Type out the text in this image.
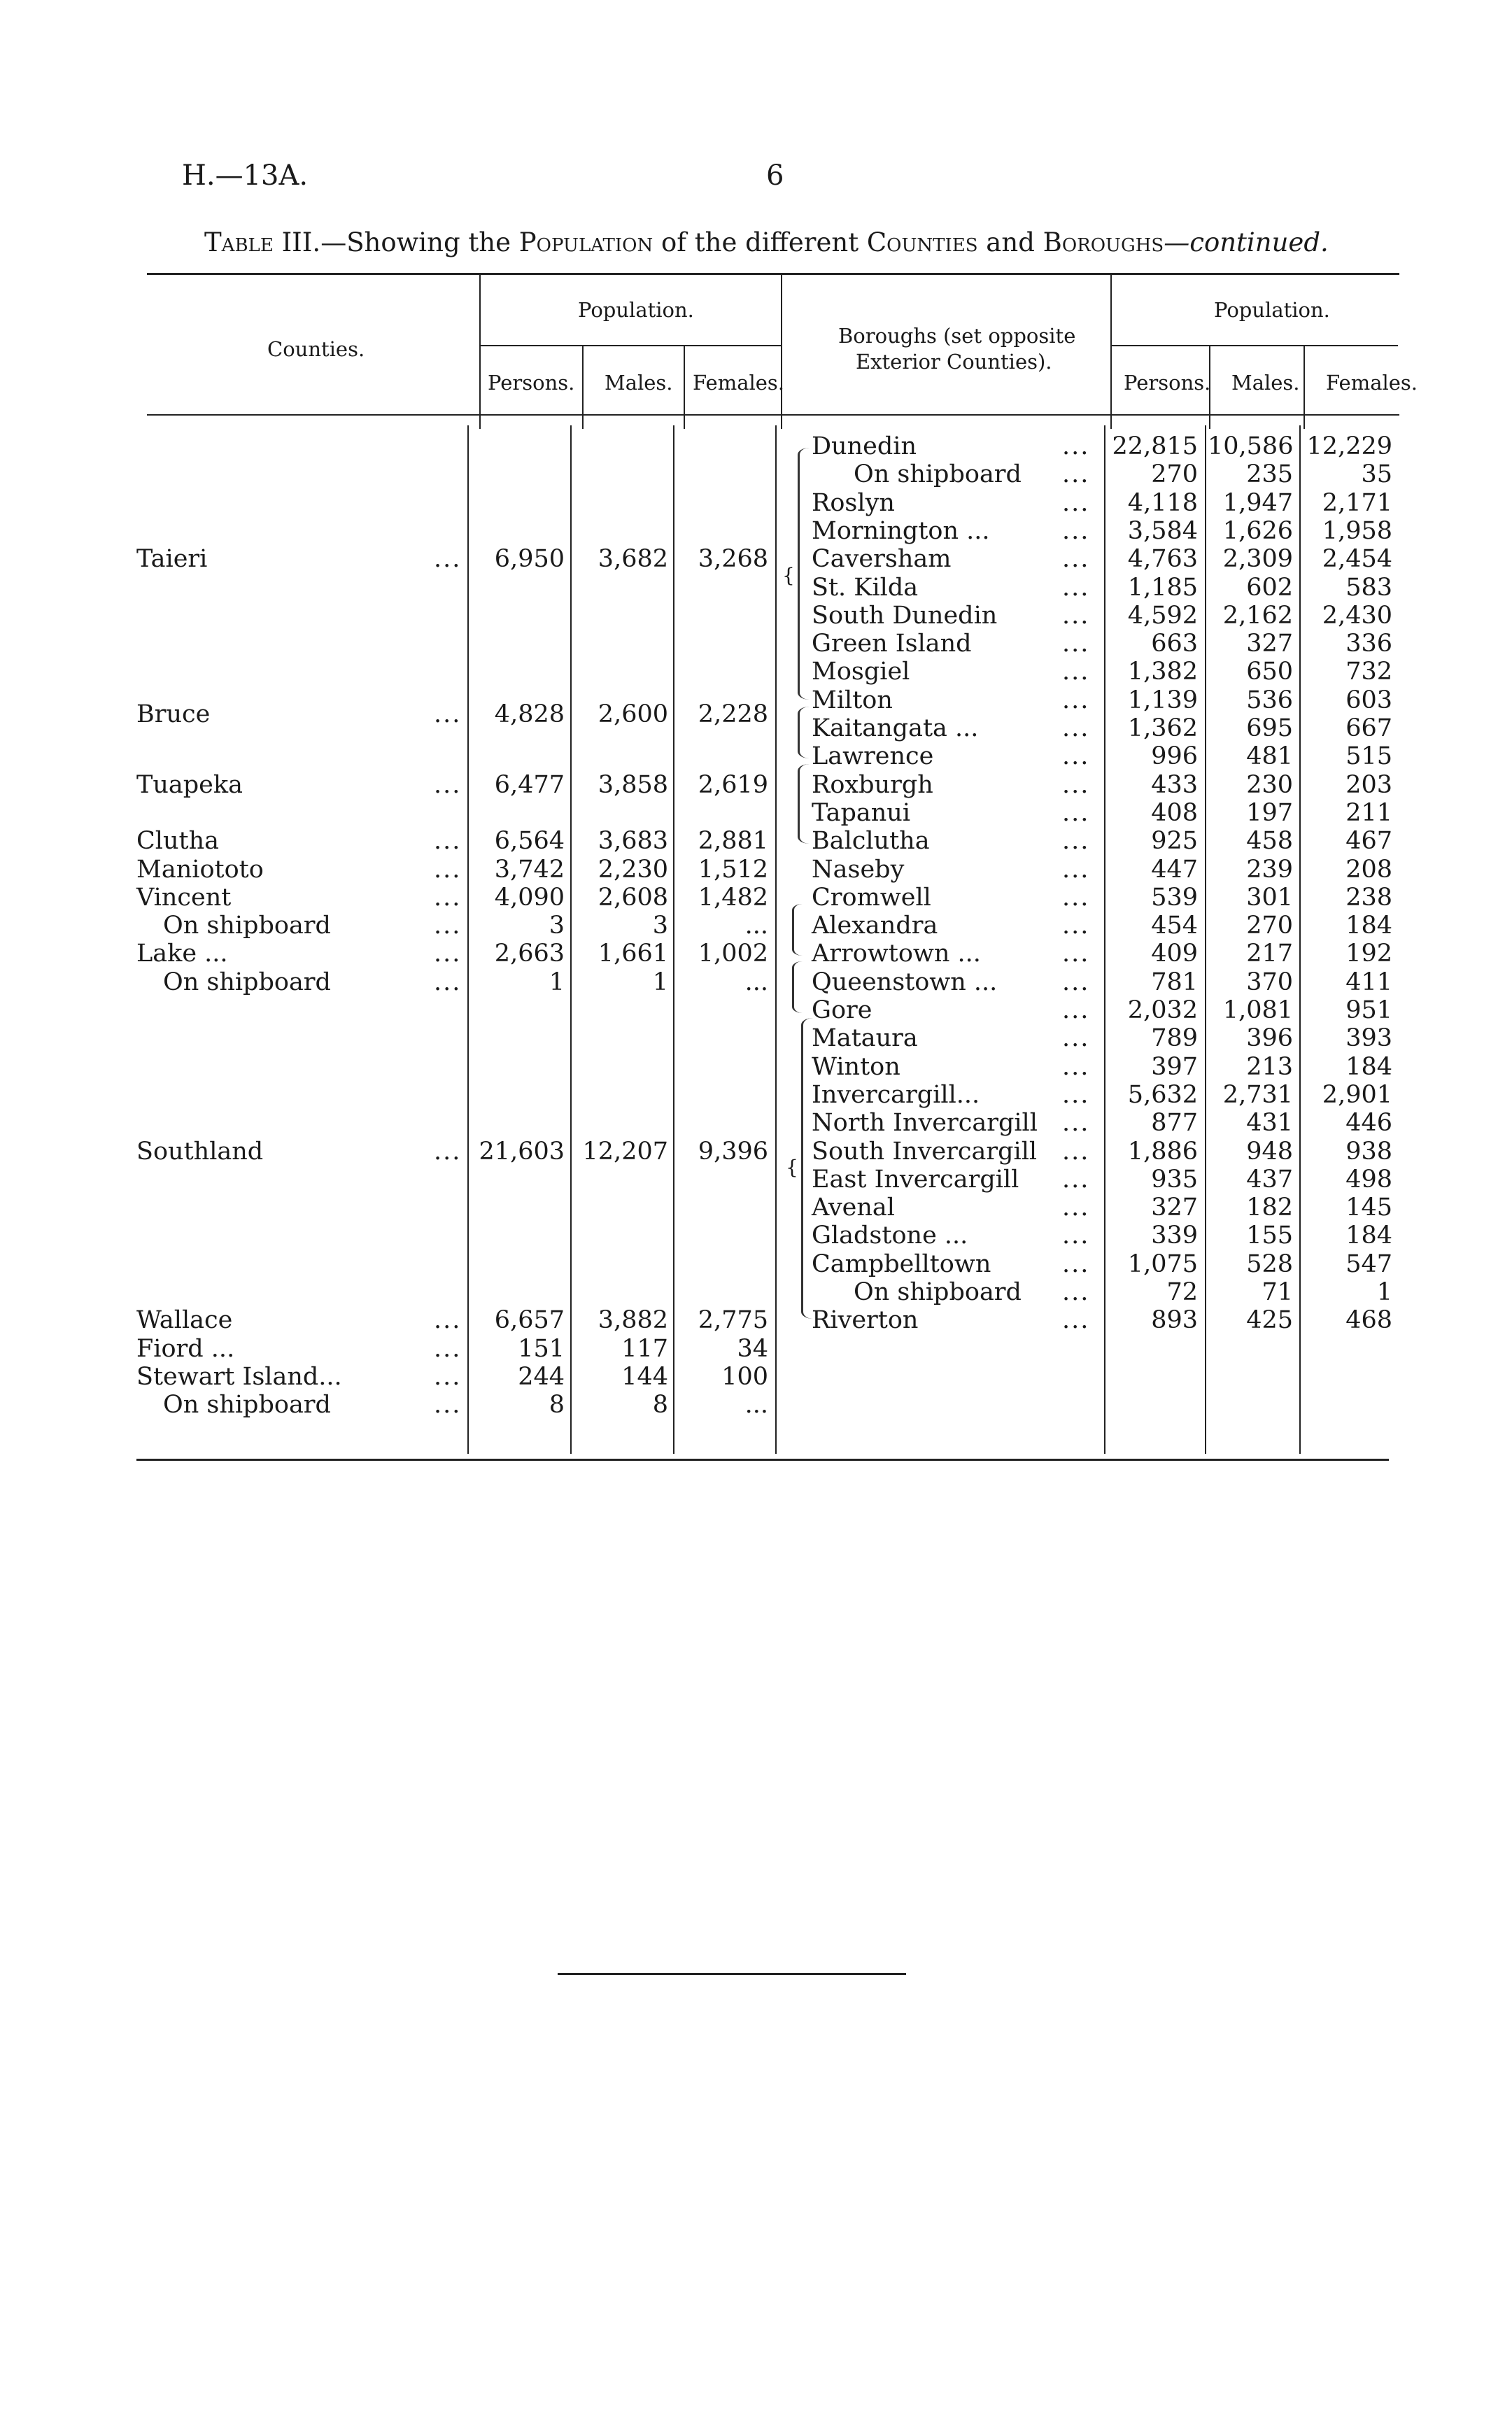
H.—13A.	6
Table III.—Showing the Population of the different Counties and Boroughs—continued.
Counties.
Population.
Persons. Males. Females.
Boroughs (set opposite
Exterior Counties).
Population.
Persons. Males. Females.
Taieri	...	6,950	3,682	3,268
Bruce	...	4,828	2,600	2,228
Tuapeka	...	6,477	3,858	2,619
Clutha	...	6,564	3,683	2,881
Maniototo	...	3,742	2,230	1,512
Vincent	...	4,090	2,608	1,482
On shipboard	...	3	3	...
Lake ...	...	2,663	1,661	1,002
On shipboard	...	1	1	...
Southland	... 21,603 12,207	9,396
Wallace	...	6,657	3,882	2,775
Fiord ...	...	151	117	34
Stewart Island...	...	244	144	100
On shipboard	...	8	8	...
Dunedin	... 22,815 10,586 12,229
On shipboard ...	270	235	35
Roslyn	...	4,118	1,947	2,171
Mornington ...	...	3,584	1,626	1,958
Caversham	...	4,763	2,309	2,454
St. Kilda	...	1,185	602	583
South Dunedin	...	4,592	2,162	2,430
Green Island	...	663	327	336
Mosgiel	...	1,382	650	732
Milton	...	1,139	536	603
Kaitangata ...	...	1,362	695	667
Lawrence	...	996	481	515
Roxburgh	...	433	230	203
Tapanui	...	408	197	211
Balclutha	...	925	458	467
Naseby	...	447	239	208
Cromwell	...	539	301	238
Alexandra	...	454	270	184
Arrowtown ...	...	409	217	192
Queenstown ...	...	781	370	411
Gore	...	2,032	1,081	951
Mataura	...	789	396	393
Winton	...	397	213	184
Invercargill...	...	5,632	2,731	2,901
North Invercargill ...	877	431	446
South Invercargill ...	1,886	948	938
East Invercargill ...	935	437	498
Avenal	...	327	182	145
Gladstone ...	...	339	155	184
Campbelltown	...	1,075	528	547
On shipboard ...	72	71	1
Riverton	...	893	425	468
{
{
